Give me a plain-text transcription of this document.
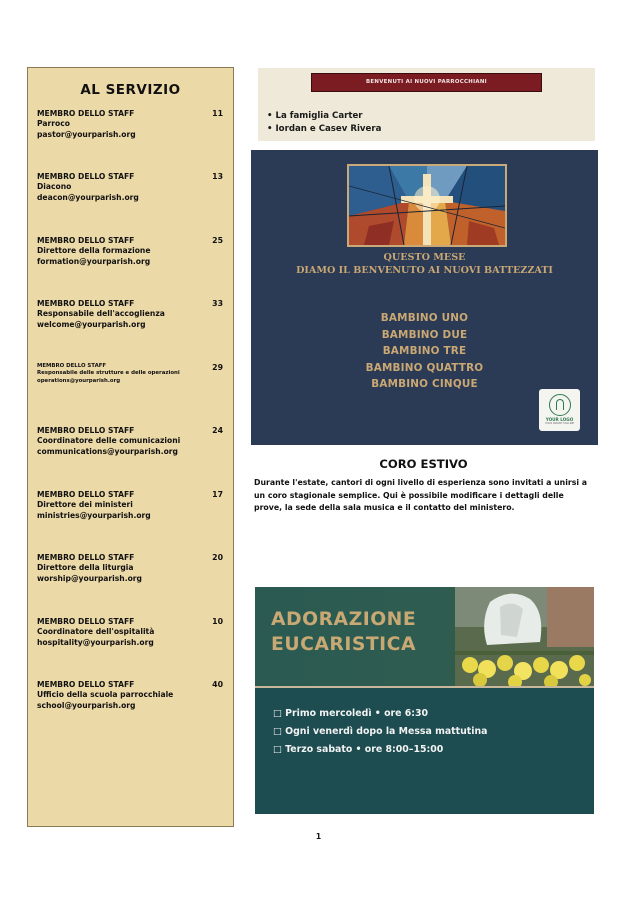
AL SERVIZIO
MEMBRO DELLO STAFF
Parroco
pastor@yourparish.org
11
MEMBRO DELLO STAFF
Diacono
deacon@yourparish.org
13
MEMBRO DELLO STAFF
Direttore della formazione
formation@yourparish.org
25
MEMBRO DELLO STAFF
Responsabile dell'accoglienza
welcome@yourparish.org
33
MEMBRO DELLO STAFF
Responsabile delle strutture e delle operazioni
operations@yourparish.org
29
MEMBRO DELLO STAFF
Coordinatore delle comunicazioni
communications@yourparish.org
24
MEMBRO DELLO STAFF
Direttore dei ministeri
ministries@yourparish.org
17
MEMBRO DELLO STAFF
Direttore della liturgia
worship@yourparish.org
20
MEMBRO DELLO STAFF
Coordinatore dell'ospitalità
hospitality@yourparish.org
10
MEMBRO DELLO STAFF
Ufficio della scuola parrocchiale
school@yourparish.org
40
BENVENUTI AI NUOVI PARROCCHIANI
• La famiglia Carter
• Iordan e Casev Rivera
QUESTO MESE
DIAMO IL BENVENUTO AI NUOVI BATTEZZATI
BAMBINO UNO
BAMBINO DUE
BAMBINO TRE
BAMBINO QUATTRO
BAMBINO CINQUE
YOUR LOGO
YOUR PARISH TAGLINE
CORO ESTIVO
Durante l'estate, cantori di ogni livello di esperienza sono invitati a unirsi a un coro stagionale semplice. Qui è possibile modificare i dettagli delle prove, la sede della sala musica e il contatto del ministero.
ADORAZIONE
EUCARISTICA
□ Primo mercoledì • ore 6:30
□ Ogni venerdì dopo la Messa mattutina
□ Terzo sabato • ore 8:00–15:00
1
